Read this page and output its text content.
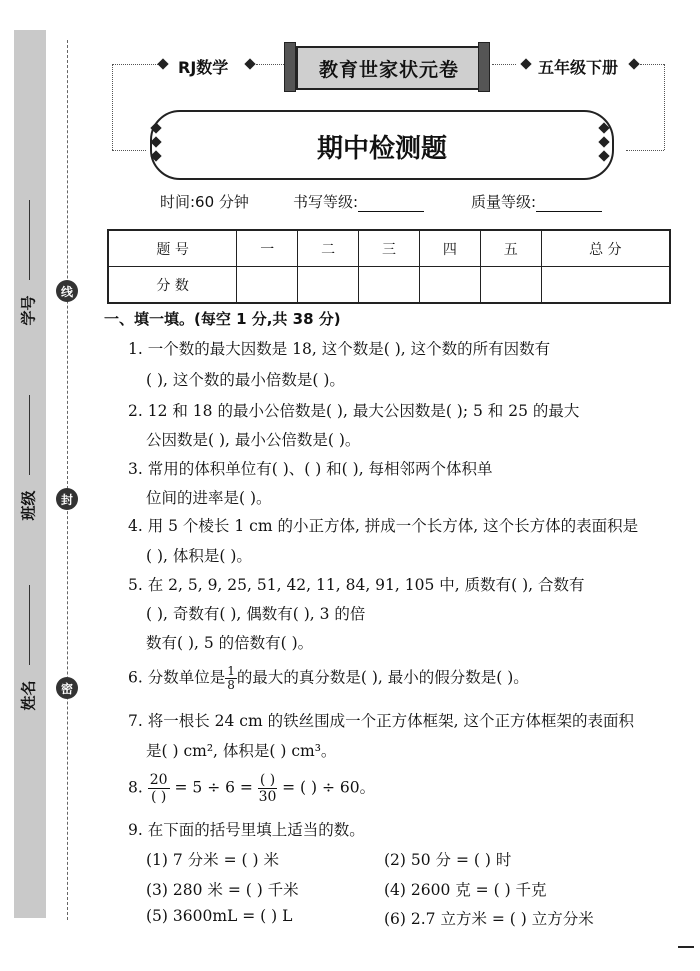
学号
班级
姓名
线
封
密
RJ数学	教育世家状元卷	五年级下册
期中检测题
时间:60 分钟	书写等级:	质量等级:
题 号	一	二	三	四	五	总 分
分 数						
一、填一填。(每空 1 分,共 38 分)
1. 一个数的最大因数是 18, 这个数是( ), 这个数的所有因数有
( ), 这个数的最小倍数是( )。
2. 12 和 18 的最小公倍数是( ), 最大公因数是( ); 5 和 25 的最大
公因数是( ), 最小公倍数是( )。
3. 常用的体积单位有( )、( ) 和( ), 每相邻两个体积单
位间的进率是( )。
4. 用 5 个棱长 1 cm 的小正方体, 拼成一个长方体, 这个长方体的表面积是
( ), 体积是( )。
5. 在 2, 5, 9, 25, 51, 42, 11, 84, 91, 105 中, 质数有( ), 合数有
( ), 奇数有( ), 偶数有( ), 3 的倍
数有( ), 5 的倍数有( )。
6. 分数单位是 $\frac{1}{8}$ 的最大的真分数是( ), 最小的假分数是( )。
7. 将一根长 24 cm 的铁丝围成一个正方体框架, 这个正方体框架的表面积
是( ) cm², 体积是( ) cm³。
8. $\frac{20}{( )} = 5 \div 6 = \frac{( )}{30}$ = ( ) ÷ 60。
9. 在下面的括号里填上适当的数。
(1) 7 分米 = ( ) 米	(2) 50 分 = ( ) 时
(3) 280 米 = ( ) 千米	(4) 2600 克 = ( ) 千克
(5) 3600mL = ( ) L	(6) 2.7 立方米 = ( ) 立方分米
